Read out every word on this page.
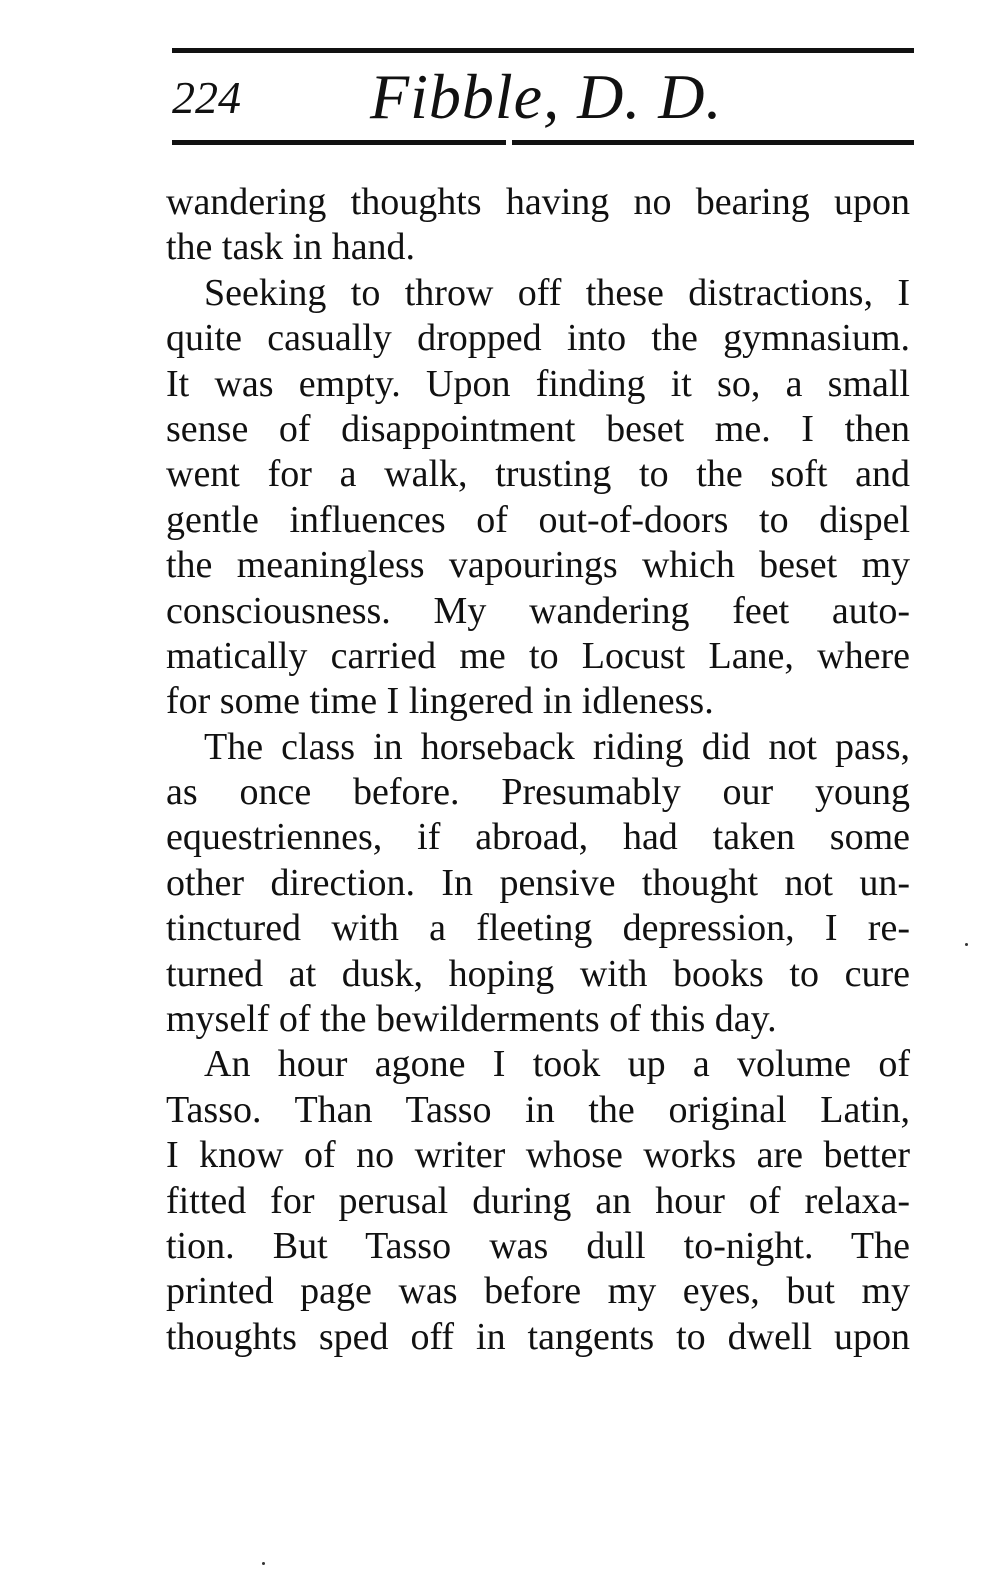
224 Fibble, D. D.
wandering thoughts having no bearing upon
the task in hand.
Seeking to throw off these distractions, I
quite casually dropped into the gymnasium.
It was empty. Upon finding it so, a small
sense of disappointment beset me. I then
went for a walk, trusting to the soft and
gentle influences of out-of-doors to dispel
the meaningless vapourings which beset my
consciousness. My wandering feet auto-
matically carried me to Locust Lane, where
for some time I lingered in idleness.
The class in horseback riding did not pass,
as once before. Presumably our young
equestriennes, if abroad, had taken some
other direction. In pensive thought not un-
tinctured with a fleeting depression, I re-
turned at dusk, hoping with books to cure
myself of the bewilderments of this day.
An hour agone I took up a volume of
Tasso. Than Tasso in the original Latin,
I know of no writer whose works are better
fitted for perusal during an hour of relaxa-
tion. But Tasso was dull to-night. The
printed page was before my eyes, but my
thoughts sped off in tangents to dwell upon
